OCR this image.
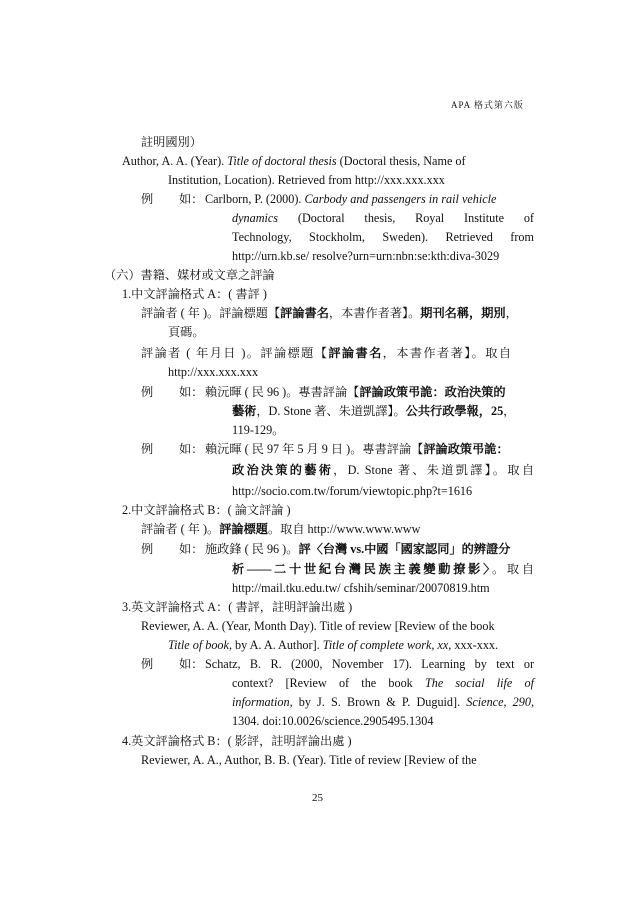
APA 格式第六版
註明國別）
Author, A. A. (Year). Title of doctoral thesis (Doctoral thesis, Name of
Institution, Location). Retrieved from http://xxx.xxx.xxx
例 如： Carlborn, P. (2000). Carbody and passengers in rail vehicle
dynamics (Doctoral thesis, Royal Institute of
Technology, Stockholm, Sweden). Retrieved from
http://urn.kb.se/ resolve?urn=urn:nbn:se:kth:diva-3029
（六）書籍、媒材或文章之評論
1.中文評論格式 A：( 書評 )
評論者 ( 年 )。評論標題【評論書名，本書作者著】。期刊名稱，期別，
頁碼。
評論者 ( 年月日 )。評論標題【評論書名，本書作者著】。取自
http://xxx.xxx.xxx
例 如： 賴沅暉 ( 民 96 )。專書評論【評論政策弔詭：政治決策的
藝術，D. Stone 著、朱道凱譯】。公共行政學報，25，
119-129。
例 如： 賴沅暉 ( 民 97 年 5 月 9 日 )。專書評論【評論政策弔詭：
政治決策的藝術，D. Stone 著、朱道凱譯】。取自
http://socio.com.tw/forum/viewtopic.php?t=1616
2.中文評論格式 B：( 論文評論 )
評論者 ( 年 )。評論標題。取自 http://www.www.www
例 如： 施政鋒 ( 民 96 )。評〈台灣 vs.中國「國家認同」的辨證分
析——二十世紀台灣民族主義變動撩影〉。取自
http://mail.tku.edu.tw/ cfshih/seminar/20070819.htm
3.英文評論格式 A：( 書評，註明評論出處 )
Reviewer, A. A. (Year, Month Day). Title of review [Review of the book
Title of book, by A. A. Author]. Title of complete work, xx, xxx-xxx.
例 如： Schatz, B. R. (2000, November 17). Learning by text or
context? [Review of the book The social life of
information, by J. S. Brown & P. Duguid]. Science, 290,
1304. doi:10.0026/science.2905495.1304
4.英文評論格式 B：( 影評，註明評論出處 )
Reviewer, A. A., Author, B. B. (Year). Title of review [Review of the
25
